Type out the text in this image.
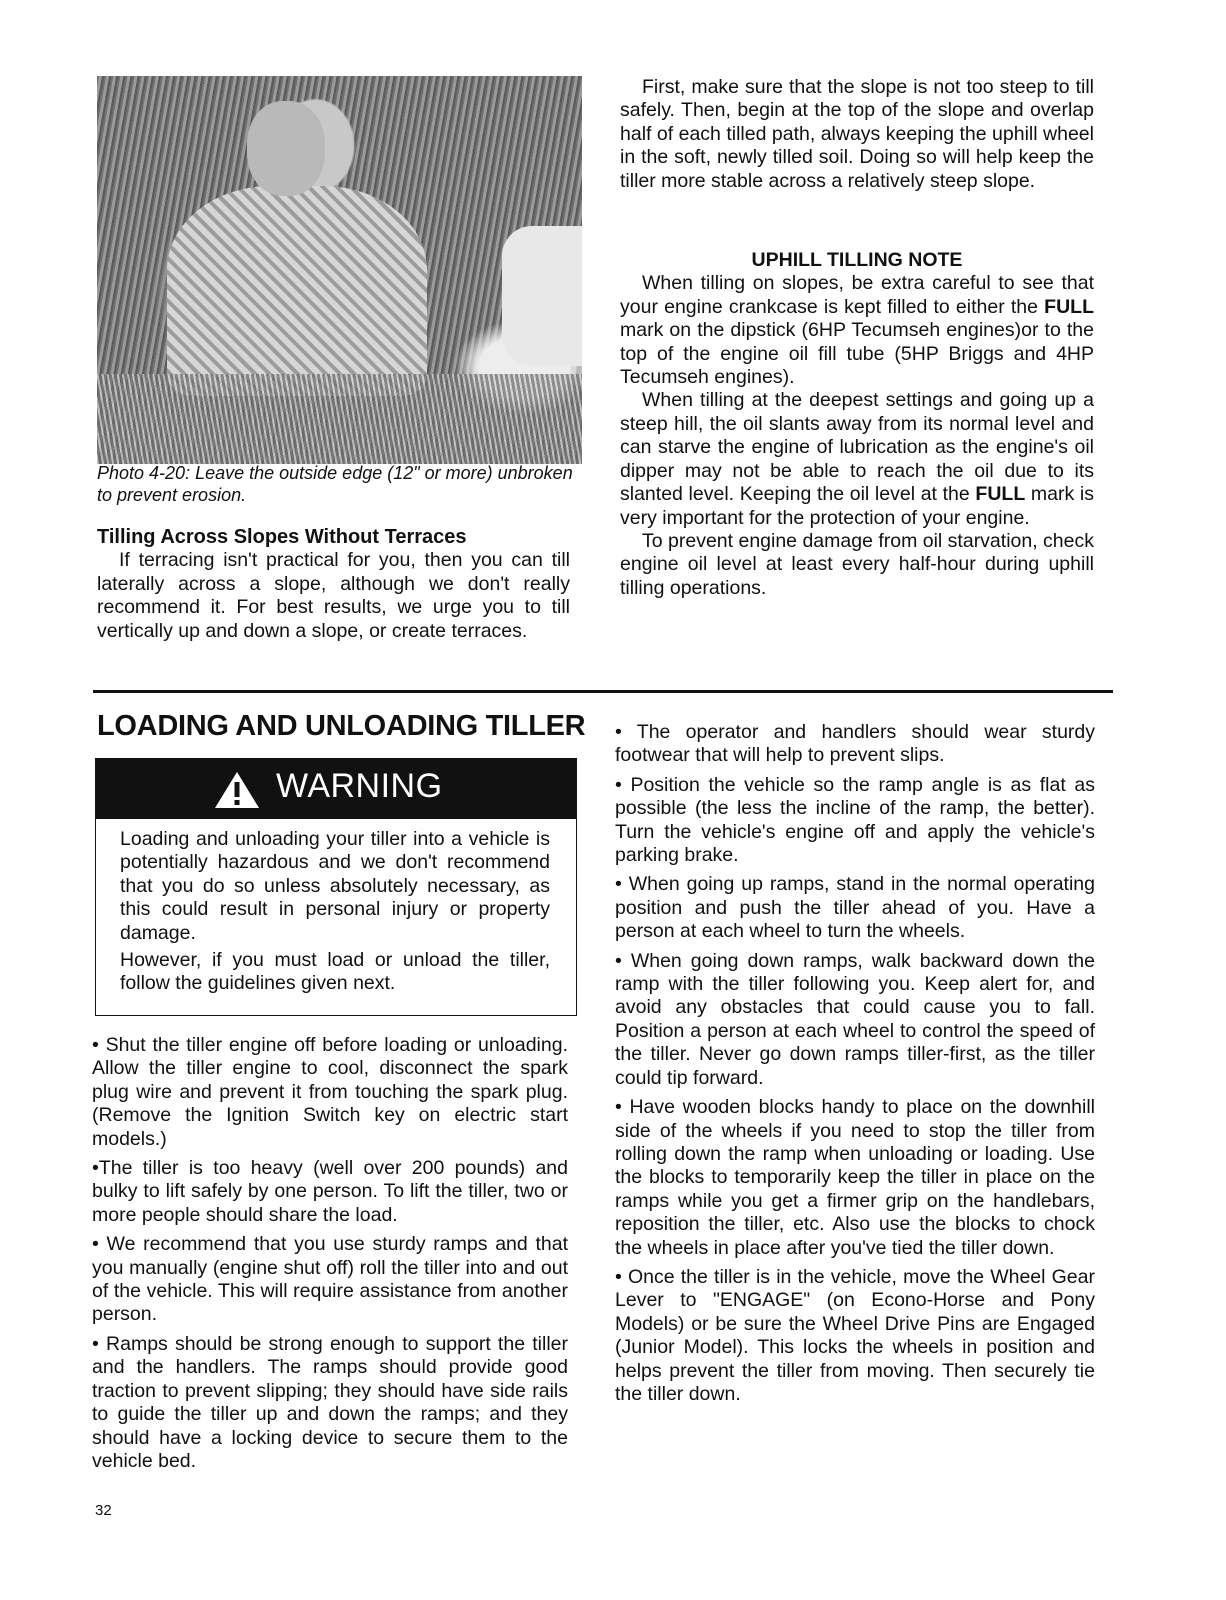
Photo 4-20: Leave the outside edge (12" or more) unbroken to prevent erosion.
Tilling Across Slopes Without Terraces

If terracing isn't practical for you, then you can till laterally across a slope, although we don't really recommend it. For best results, we urge you to till vertically up and down a slope, or create terraces.

First, make sure that the slope is not too steep to till safely. Then, begin at the top of the slope and overlap half of each tilled path, always keeping the uphill wheel in the soft, newly tilled soil. Doing so will help keep the tiller more stable across a relatively steep slope.

UPHILL TILLING NOTE

When tilling on slopes, be extra careful to see that your engine crankcase is kept filled to either the FULL mark on the dipstick (6HP Tecumseh engines)or to the top of the engine oil fill tube (5HP Briggs and 4HP Tecumseh engines).

When tilling at the deepest settings and going up a steep hill, the oil slants away from its normal level and can starve the engine of lubrication as the engine's oil dipper may not be able to reach the oil due to its slanted level. Keeping the oil level at the FULL mark is very important for the protection of your engine.

To prevent engine damage from oil starvation, check engine oil level at least every half-hour during uphill tilling operations.

LOADING AND UNLOADING TILLER
WARNING

Loading and unloading your tiller into a vehicle is potentially hazardous and we don't recommend that you do so unless absolutely necessary, as this could result in personal injury or property damage.

However, if you must load or unload the tiller, follow the guidelines given next.

• Shut the tiller engine off before loading or unloading. Allow the tiller engine to cool, disconnect the spark plug wire and prevent it from touching the spark plug. (Remove the Ignition Switch key on electric start models.)

•The tiller is too heavy (well over 200 pounds) and bulky to lift safely by one person. To lift the tiller, two or more people should share the load.

• We recommend that you use sturdy ramps and that you manually (engine shut off) roll the tiller into and out of the vehicle. This will require assistance from another person.

• Ramps should be strong enough to support the tiller and the handlers. The ramps should provide good traction to prevent slipping; they should have side rails to guide the tiller up and down the ramps; and they should have a locking device to secure them to the vehicle bed.

• The operator and handlers should wear sturdy footwear that will help to prevent slips.

• Position the vehicle so the ramp angle is as flat as possible (the less the incline of the ramp, the better). Turn the vehicle's engine off and apply the vehicle's parking brake.

• When going up ramps, stand in the normal operating position and push the tiller ahead of you. Have a person at each wheel to turn the wheels.

• When going down ramps, walk backward down the ramp with the tiller following you. Keep alert for, and avoid any obstacles that could cause you to fall. Position a person at each wheel to control the speed of the tiller. Never go down ramps tiller-first, as the tiller could tip forward.

• Have wooden blocks handy to place on the downhill side of the wheels if you need to stop the tiller from rolling down the ramp when unloading or loading. Use the blocks to temporarily keep the tiller in place on the ramps while you get a firmer grip on the handlebars, reposition the tiller, etc. Also use the blocks to chock the wheels in place after you've tied the tiller down.

• Once the tiller is in the vehicle, move the Wheel Gear Lever to "ENGAGE" (on Econo-Horse and Pony Models) or be sure the Wheel Drive Pins are Engaged (Junior Model). This locks the wheels in position and helps prevent the tiller from moving. Then securely tie the tiller down.

32
